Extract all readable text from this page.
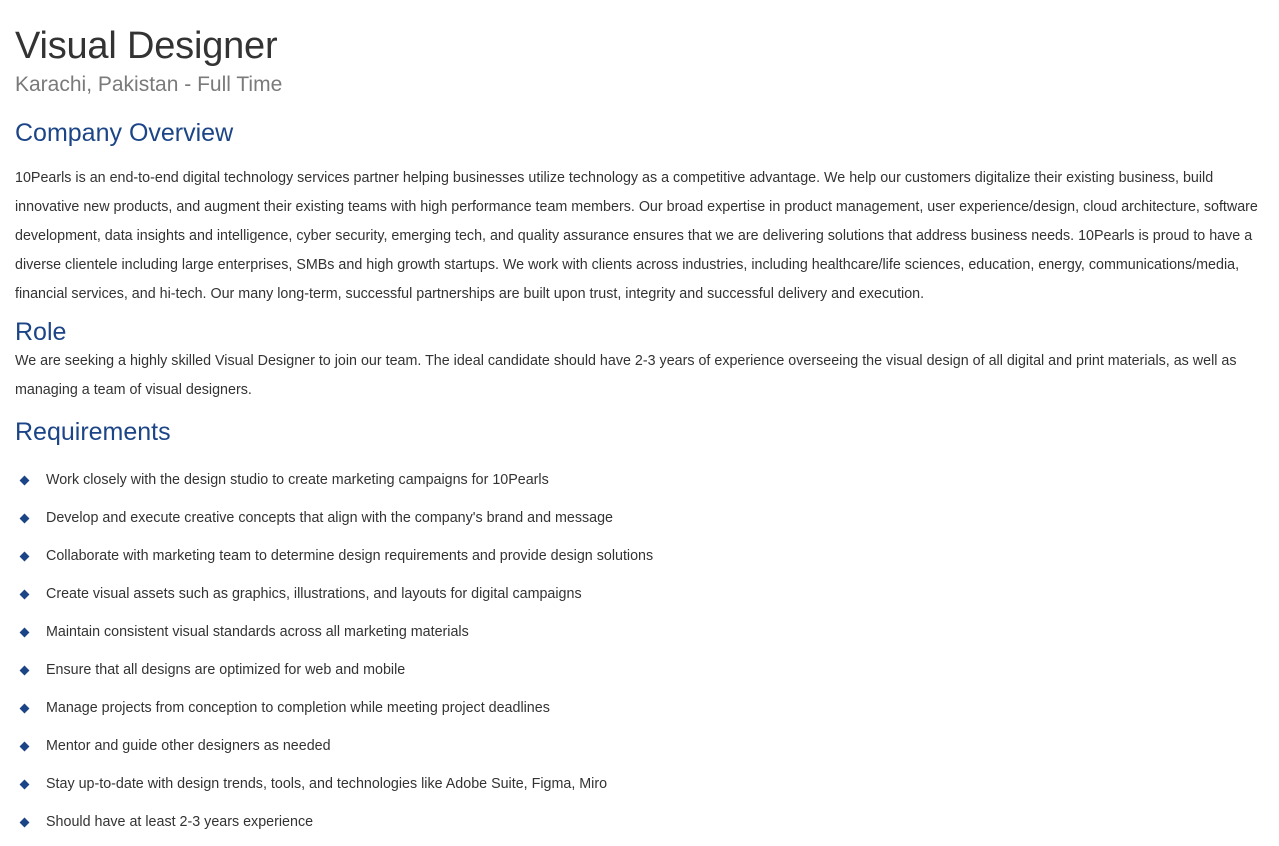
Visual Designer

Karachi, Pakistan - Full Time

Company Overview

10Pearls is an end-to-end digital technology services partner helping businesses utilize technology as a competitive advantage. We help our customers digitalize their existing business, build innovative new products, and augment their existing teams with high performance team members. Our broad expertise in product management, user experience/design, cloud architecture, software development, data insights and intelligence, cyber security, emerging tech, and quality assurance ensures that we are delivering solutions that address business needs. 10Pearls is proud to have a diverse clientele including large enterprises, SMBs and high growth startups. We work with clients across industries, including healthcare/life sciences, education, energy, communications/media, financial services, and hi-tech. Our many long-term, successful partnerships are built upon trust, integrity and successful delivery and execution.

Role

We are seeking a highly skilled Visual Designer to join our team. The ideal candidate should have 2-3 years of experience overseeing the visual design of all digital and print materials, as well as managing a team of visual designers.

Requirements
Work closely with the design studio to create marketing campaigns for 10Pearls
Develop and execute creative concepts that align with the company's brand and message
Collaborate with marketing team to determine design requirements and provide design solutions
Create visual assets such as graphics, illustrations, and layouts for digital campaigns
Maintain consistent visual standards across all marketing materials
Ensure that all designs are optimized for web and mobile
Manage projects from conception to completion while meeting project deadlines
Mentor and guide other designers as needed
Stay up-to-date with design trends, tools, and technologies like Adobe Suite, Figma, Miro
Should have at least 2-3 years experience
